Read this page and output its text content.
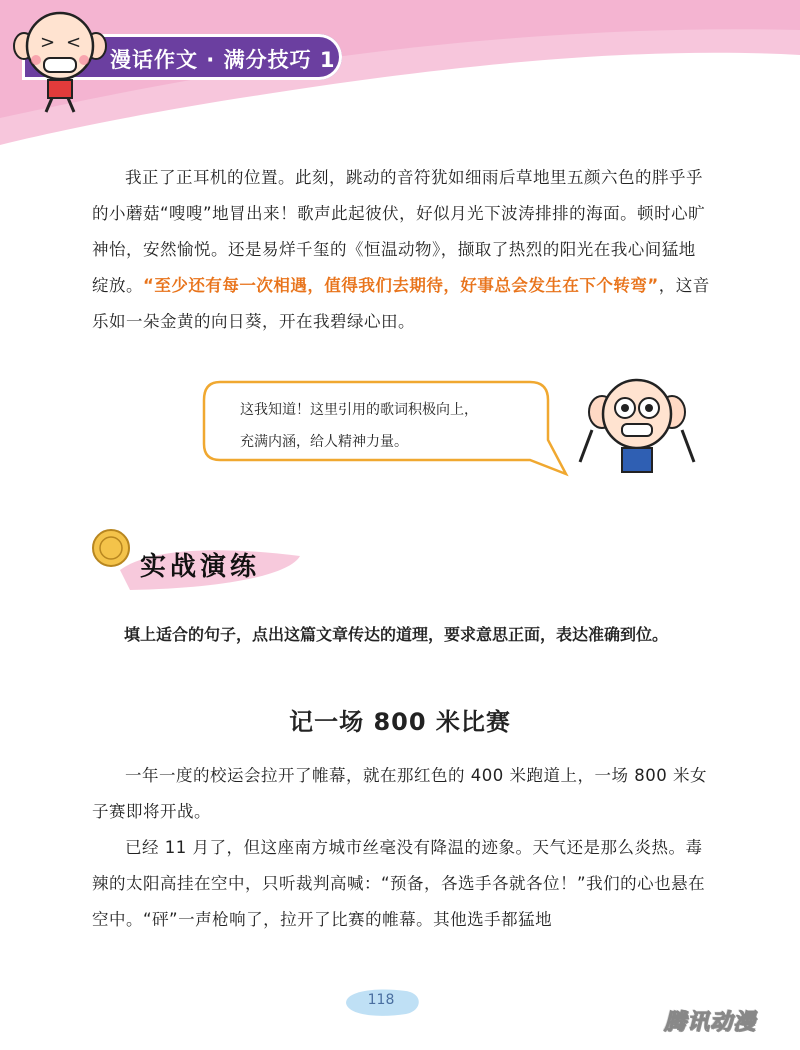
漫话作文 · 满分技巧 1
> <

我正了正耳机的位置。此刻，跳动的音符犹如细雨后草地里五颜六色的胖乎乎的小蘑菇“嗖嗖”地冒出来！歌声此起彼伏，好似月光下波涛排排的海面。顿时心旷神怡，安然愉悦。还是易烊千玺的《恒温动物》，撷取了热烈的阳光在我心间猛地绽放。“至少还有每一次相遇，值得我们去期待，好事总会发生在下个转弯”，这音乐如一朵金黄的向日葵，开在我碧绿心田。

这我知道！这里引用的歌词积极向上，
充满内涵，给人精神力量。
实战演练

填上适合的句子，点出这篇文章传达的道理，要求意思正面，表达准确到位。

记一场 800 米比赛

一年一度的校运会拉开了帷幕，就在那红色的 400 米跑道上，一场 800 米女子赛即将开战。

已经 11 月了，但这座南方城市丝毫没有降温的迹象。天气还是那么炎热。毒辣的太阳高挂在空中，只听裁判高喊：“预备，各选手各就各位！”我们的心也悬在空中。“砰”一声枪响了，拉开了比赛的帷幕。其他选手都猛地

118
腾讯动漫
